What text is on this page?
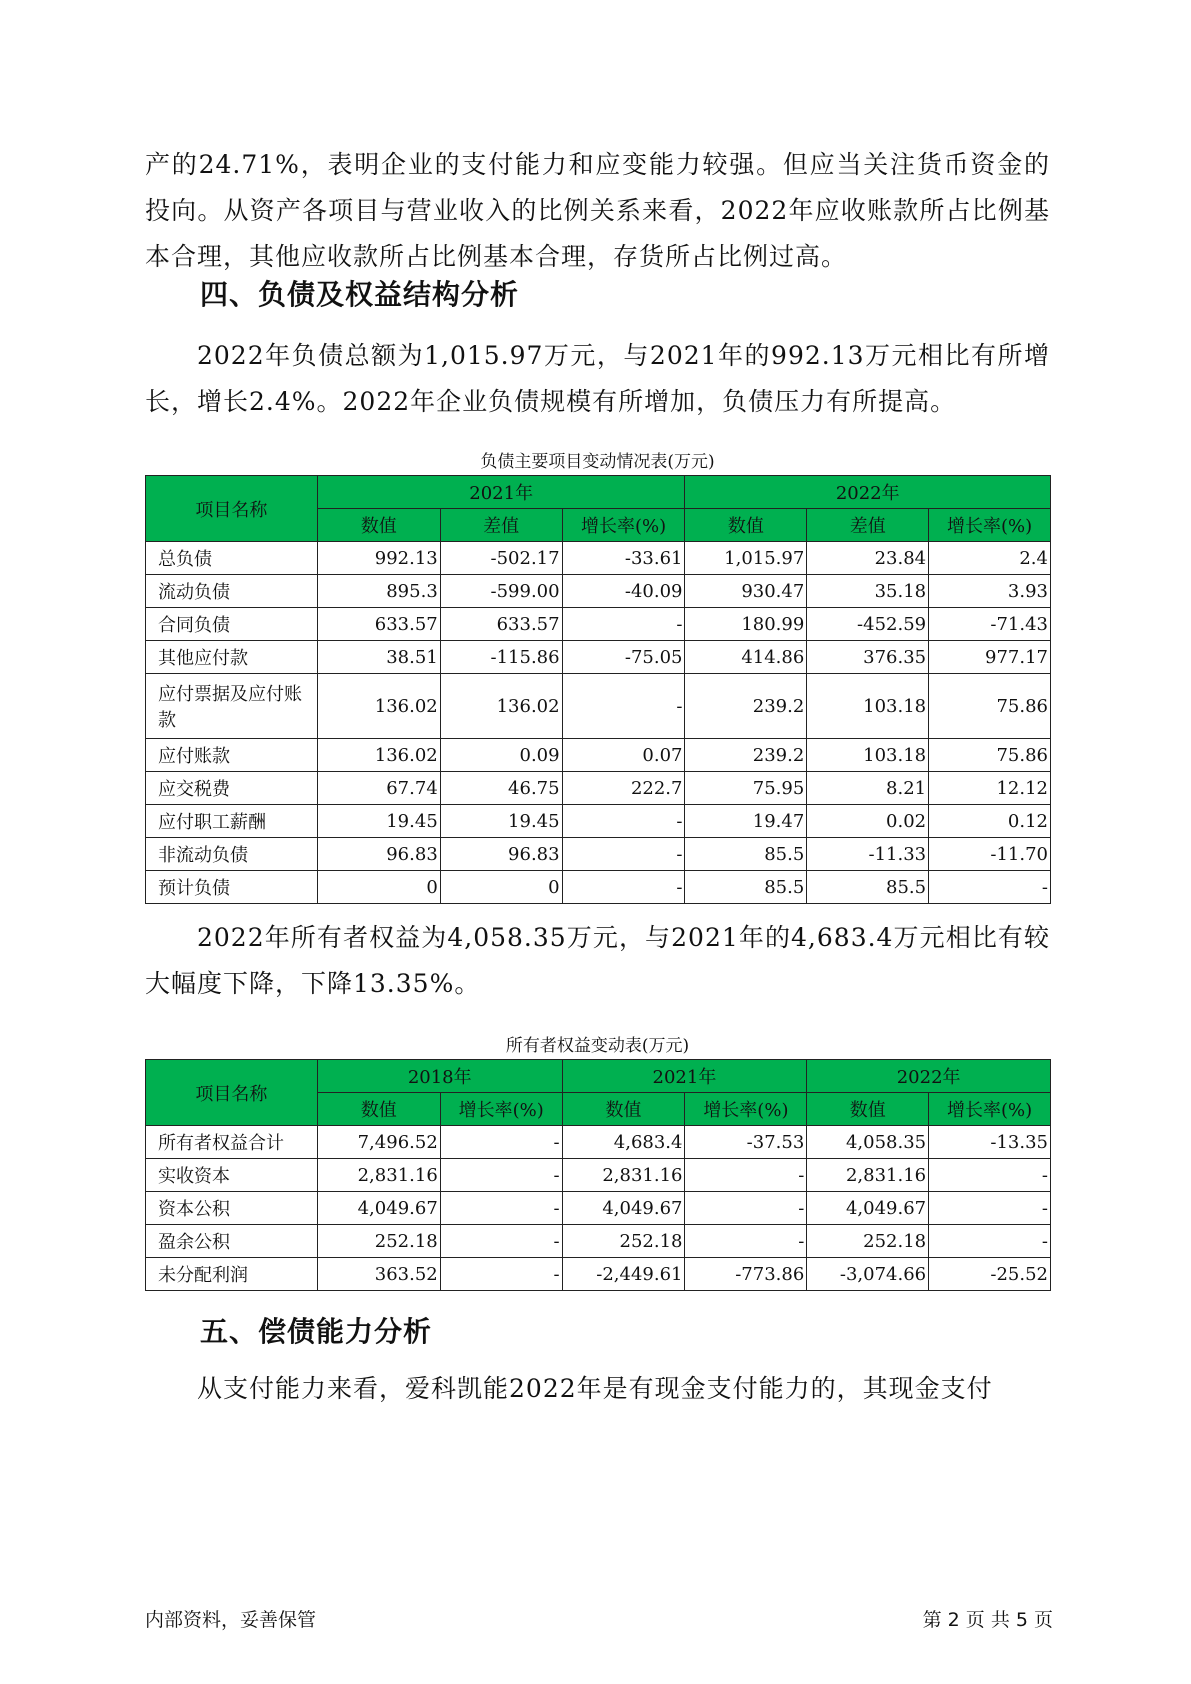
产的24.71%，表明企业的支付能力和应变能力较强。但应当关注货币资金的投向。从资产各项目与营业收入的比例关系来看，2022年应收账款所占比例基本合理，其他应收款所占比例基本合理，存货所占比例过高。

四、负债及权益结构分析

2022年负债总额为1,015.97万元，与2021年的992.13万元相比有所增长，增长2.4%。2022年企业负债规模有所增加，负债压力有所提高。

负债主要项目变动情况表(万元)

项目名称	2021年			2022年		
	数值	差值	增长率(%)	数值	差值	增长率(%)
总负债	992.13	-502.17	-33.61	1,015.97	23.84	2.4
流动负债	895.3	-599.00	-40.09	930.47	35.18	3.93
合同负债	633.57	633.57	-	180.99	-452.59	-71.43
其他应付款	38.51	-115.86	-75.05	414.86	376.35	977.17
应付票据及应付账款	136.02	136.02	-	239.2	103.18	75.86
应付账款	136.02	0.09	0.07	239.2	103.18	75.86
应交税费	67.74	46.75	222.7	75.95	8.21	12.12
应付职工薪酬	19.45	19.45	-	19.47	0.02	0.12
非流动负债	96.83	96.83	-	85.5	-11.33	-11.70
预计负债	0	0	-	85.5	85.5	-

2022年所有者权益为4,058.35万元，与2021年的4,683.4万元相比有较大幅度下降，下降13.35%。

所有者权益变动表(万元)

项目名称	2018年		2021年		2022年	
	数值	增长率(%)	数值	增长率(%)	数值	增长率(%)
所有者权益合计	7,496.52	-	4,683.4	-37.53	4,058.35	-13.35
实收资本	2,831.16	-	2,831.16	-	2,831.16	-
资本公积	4,049.67	-	4,049.67	-	4,049.67	-
盈余公积	252.18	-	252.18	-	252.18	-
未分配利润	363.52	-	-2,449.61	-773.86	-3,074.66	-25.52
五、偿债能力分析

从支付能力来看，爱科凯能2022年是有现金支付能力的，其现金支付

内部资料，妥善保管	第 2 页 共 5 页
